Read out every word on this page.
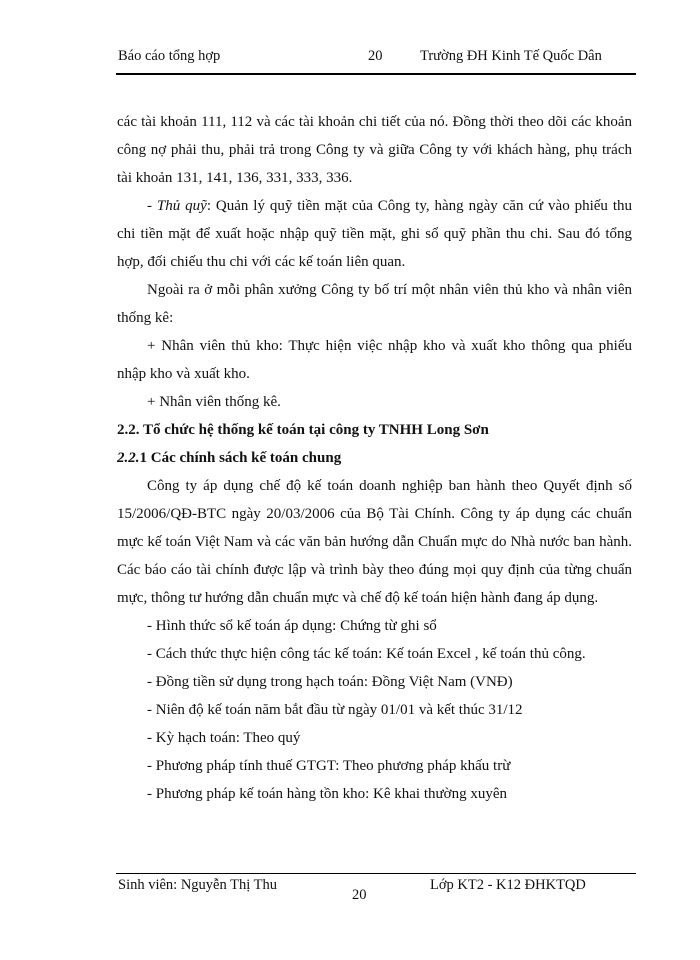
Báo cáo tổng hợp	20	Trường ĐH Kinh Tế Quốc Dân

các tài khoản 111, 112 và các tài khoản chi tiết của nó. Đồng thời theo dõi các khoản công nợ phải thu, phải trả trong Công ty và giữa Công ty với khách hàng, phụ trách tài khoản 131, 141, 136, 331, 333, 336.

- Thủ quỹ: Quản lý quỹ tiền mặt của Công ty, hàng ngày căn cứ vào phiếu thu chi tiền mặt để xuất hoặc nhập quỹ tiền mặt, ghi sổ quỹ phần thu chi. Sau đó tổng hợp, đối chiếu thu chi với các kế toán liên quan.

Ngoài ra ở mỗi phân xưởng Công ty bố trí một nhân viên thủ kho và nhân viên thống kê:

+ Nhân viên thủ kho: Thực hiện việc nhập kho và xuất kho thông qua phiếu nhập kho và xuất kho.

+ Nhân viên thống kê.

2.2. Tổ chức hệ thống kế toán tại công ty TNHH Long Sơn

2.2.1 Các chính sách kế toán chung

Công ty áp dụng chế độ kế toán doanh nghiệp ban hành theo Quyết định số 15/2006/QĐ-BTC ngày 20/03/2006 của Bộ Tài Chính. Công ty áp dụng các chuẩn mực kế toán Việt Nam và các văn bản hướng dẫn Chuẩn mực do Nhà nước ban hành. Các báo cáo tài chính được lập và trình bày theo đúng mọi quy định của từng chuẩn mực, thông tư hướng dẫn chuẩn mực và chế độ kế toán hiện hành đang áp dụng.

- Hình thức sổ kế toán áp dụng: Chứng từ ghi sổ

- Cách thức thực hiện công tác kế toán: Kế toán Excel , kế toán thủ công.

- Đồng tiền sử dụng trong hạch toán: Đồng Việt Nam (VNĐ)

- Niên độ kế toán năm bắt đầu từ ngày 01/01 và kết thúc 31/12

- Kỳ hạch toán: Theo quý

- Phương pháp tính thuế GTGT: Theo phương pháp khấu trừ

- Phương pháp kế toán hàng tồn kho: Kê khai thường xuyên

Sinh viên: Nguyễn Thị Thu
20
Lớp KT2 - K12 ĐHKTQD
